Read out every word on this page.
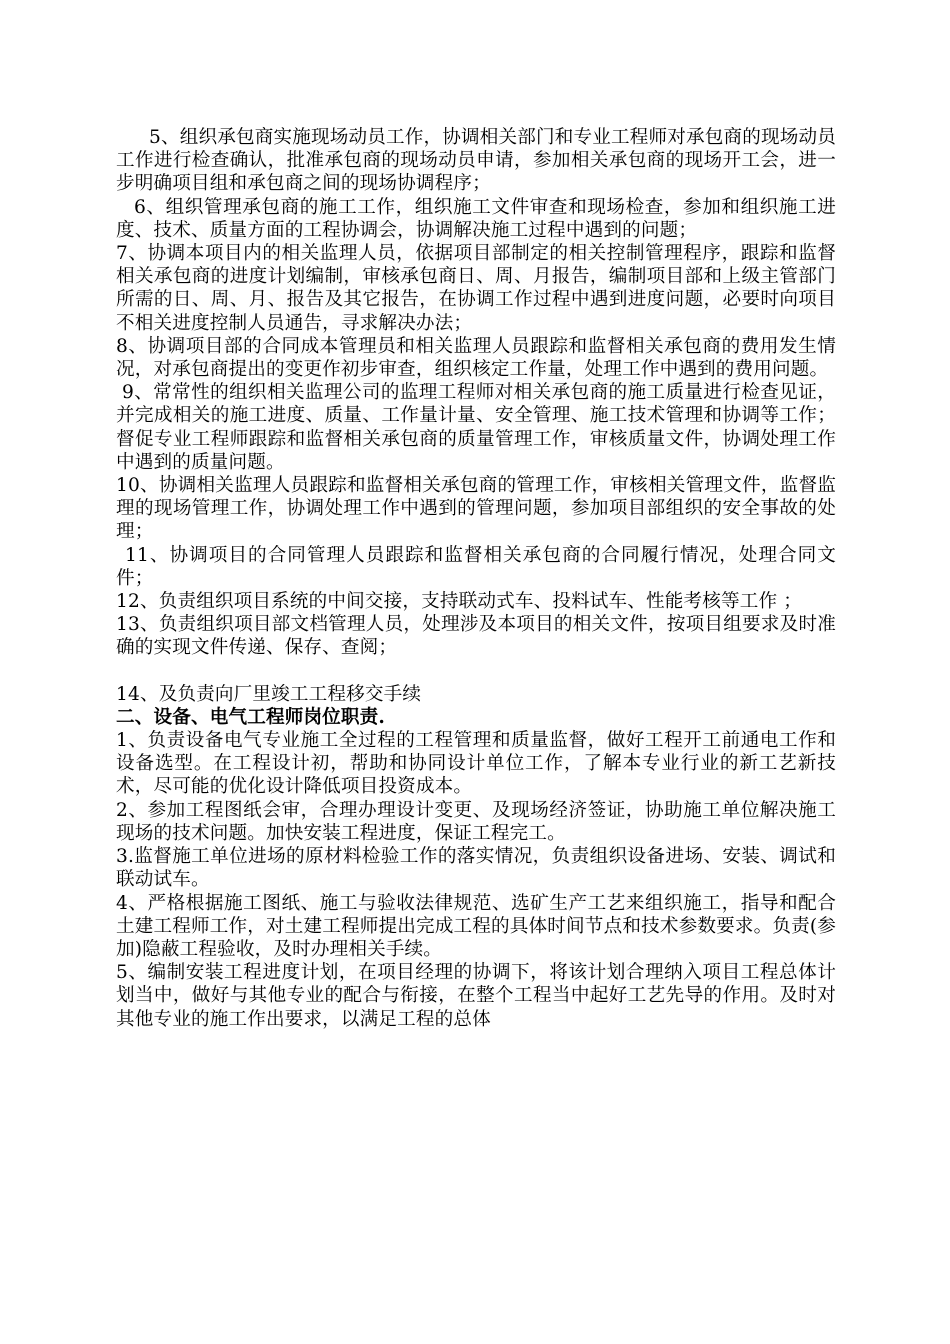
5、组织承包商实施现场动员工作，协调相关部门和专业工程师对承包商的现场动员工作进行检查确认，批准承包商的现场动员申请，参加相关承包商的现场开工会，进一步明确项目组和承包商之间的现场协调程序；

6、组织管理承包商的施工工作，组织施工文件审查和现场检查，参加和组织施工进度、技术、质量方面的工程协调会，协调解决施工过程中遇到的问题；

7、协调本项目内的相关监理人员，依据项目部制定的相关控制管理程序，跟踪和监督相关承包商的进度计划编制，审核承包商日、周、月报告，编制项目部和上级主管部门所需的日、周、月、报告及其它报告，在协调工作过程中遇到进度问题，必要时向项目不相关进度控制人员通告，寻求解决办法；

8、协调项目部的合同成本管理员和相关监理人员跟踪和监督相关承包商的费用发生情况，对承包商提出的变更作初步审查，组织核定工作量，处理工作中遇到的费用问题。

9、常常性的组织相关监理公司的监理工程师对相关承包商的施工质量进行检查见证，并完成相关的施工进度、质量、工作量计量、安全管理、施工技术管理和协调等工作；督促专业工程师跟踪和监督相关承包商的质量管理工作，审核质量文件，协调处理工作中遇到的质量问题。

10、协调相关监理人员跟踪和监督相关承包商的管理工作，审核相关管理文件，监督监理的现场管理工作，协调处理工作中遇到的管理问题，参加项目部组织的安全事故的处理；

11、协调项目的合同管理人员跟踪和监督相关承包商的合同履行情况，处理合同文件；

12、负责组织项目系统的中间交接，支持联动式车、投料试车、性能考核等工作 ；

13、负责组织项目部文档管理人员，处理涉及本项目的相关文件，按项目组要求及时准确的实现文件传递、保存、查阅；

14、及负责向厂里竣工工程移交手续

二、设备、电气工程师岗位职责.

1、负责设备电气专业施工全过程的工程管理和质量监督，做好工程开工前通电工作和设备选型。在工程设计初，帮助和协同设计单位工作，了解本专业行业的新工艺新技术，尽可能的优化设计降低项目投资成本。

2、参加工程图纸会审，合理办理设计变更、及现场经济签证，协助施工单位解决施工现场的技术问题。加快安装工程进度，保证工程完工。

3.监督施工单位进场的原材料检验工作的落实情况，负责组织设备进场、安装、调试和联动试车。

4、严格根据施工图纸、施工与验收法律规范、选矿生产工艺来组织施工，指导和配合土建工程师工作，对土建工程师提出完成工程的具体时间节点和技术参数要求。负责(参加)隐蔽工程验收，及时办理相关手续。

5、编制安装工程进度计划，在项目经理的协调下，将该计划合理纳入项目工程总体计划当中，做好与其他专业的配合与衔接，在整个工程当中起好工艺先导的作用。及时对其他专业的施工作出要求，以满足工程的总体
